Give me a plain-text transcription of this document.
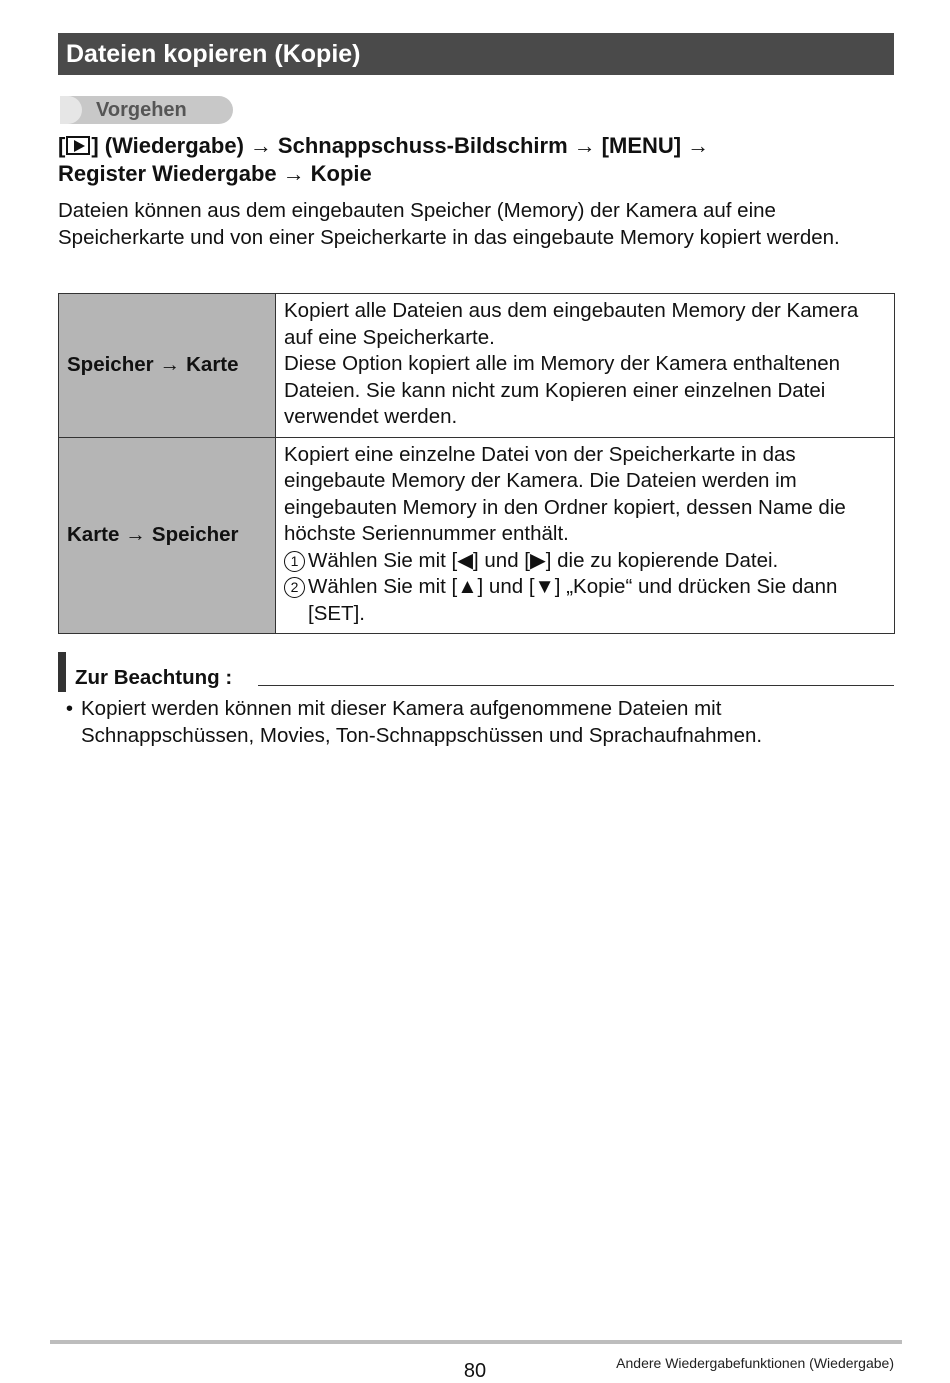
Dateien kopieren (Kopie)
Vorgehen
[ ] (Wiedergabe) → Schnappschuss-Bildschirm → [MENU] →
Register Wiedergabe → Kopie
Dateien können aus dem eingebauten Speicher (Memory) der Kamera auf eine Speicherkarte und von einer Speicherkarte in das eingebaute Memory kopiert werden.
Speicher → Karte	Kopiert alle Dateien aus dem eingebauten Memory der Kamera auf eine Speicherkarte.
Diese Option kopiert alle im Memory der Kamera enthaltenen Dateien. Sie kann nicht zum Kopieren einer einzelnen Datei verwendet werden.

Karte → Speicher	Kopiert eine einzelne Datei von der Speicherkarte in das eingebaute Memory der Kamera. Die Dateien werden im eingebauten Memory in den Ordner kopiert, dessen Name die höchste Seriennummer enthält.
1 Wählen Sie mit [◀] und [▶] die zu kopierende Datei.
2 Wählen Sie mit [▲] und [▼] „Kopie“ und drücken Sie dann [SET].
Zur Beachtung :
• Kopiert werden können mit dieser Kamera aufgenommene Dateien mit Schnappschüssen, Movies, Ton-Schnappschüssen und Sprachaufnahmen.
80	Andere Wiedergabefunktionen (Wiedergabe)
